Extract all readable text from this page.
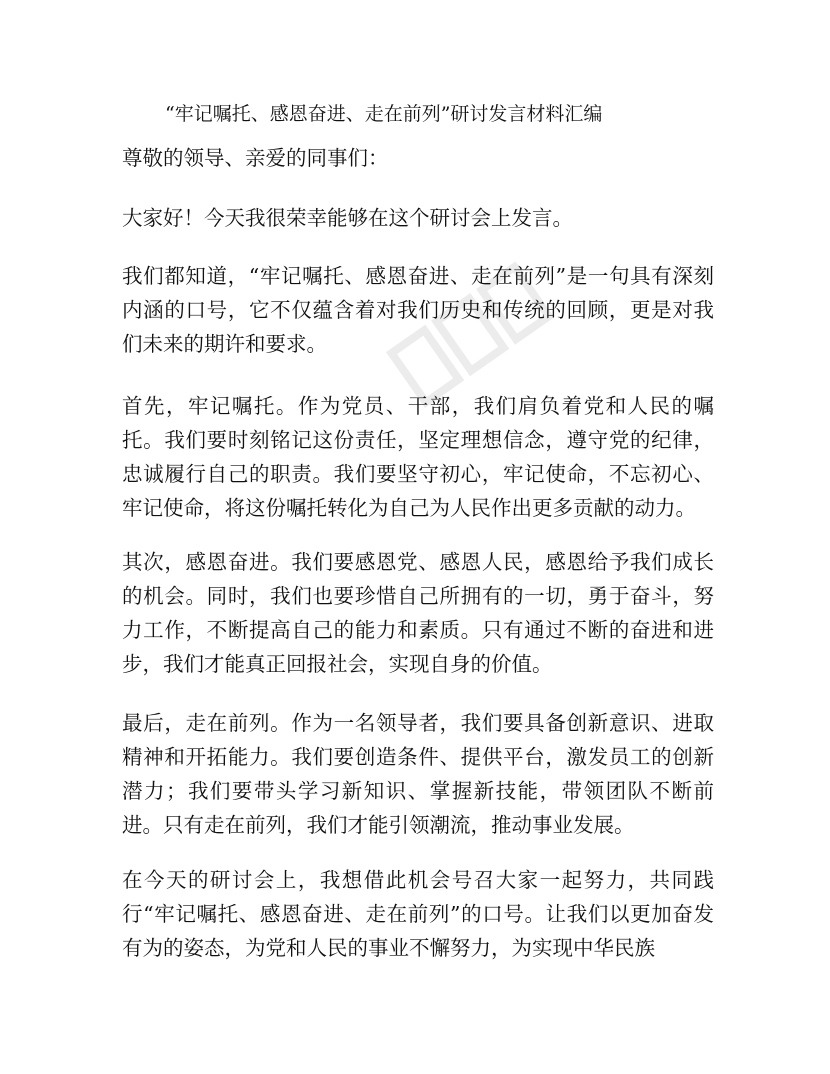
“牢记嘱托、感恩奋进、走在前列”研讨发言材料汇编

尊敬的领导、亲爱的同事们：

大家好！今天我很荣幸能够在这个研讨会上发言。

我们都知道，“牢记嘱托、感恩奋进、走在前列”是一句具有深刻内涵的口号，它不仅蕴含着对我们历史和传统的回顾，更是对我们未来的期许和要求。

首先，牢记嘱托。作为党员、干部，我们肩负着党和人民的嘱托。我们要时刻铭记这份责任，坚定理想信念，遵守党的纪律，忠诚履行自己的职责。我们要坚守初心，牢记使命，不忘初心、牢记使命，将这份嘱托转化为自己为人民作出更多贡献的动力。

其次，感恩奋进。我们要感恩党、感恩人民，感恩给予我们成长的机会。同时，我们也要珍惜自己所拥有的一切，勇于奋斗，努力工作，不断提高自己的能力和素质。只有通过不断的奋进和进步，我们才能真正回报社会，实现自身的价值。

最后，走在前列。作为一名领导者，我们要具备创新意识、进取精神和开拓能力。我们要创造条件、提供平台，激发员工的创新潜力；我们要带头学习新知识、掌握新技能，带领团队不断前进。只有走在前列，我们才能引领潮流，推动事业发展。

在今天的研讨会上，我想借此机会号召大家一起努力，共同践行“牢记嘱托、感恩奋进、走在前列”的口号。让我们以更加奋发有为的姿态，为党和人民的事业不懈努力，为实现中华民族
